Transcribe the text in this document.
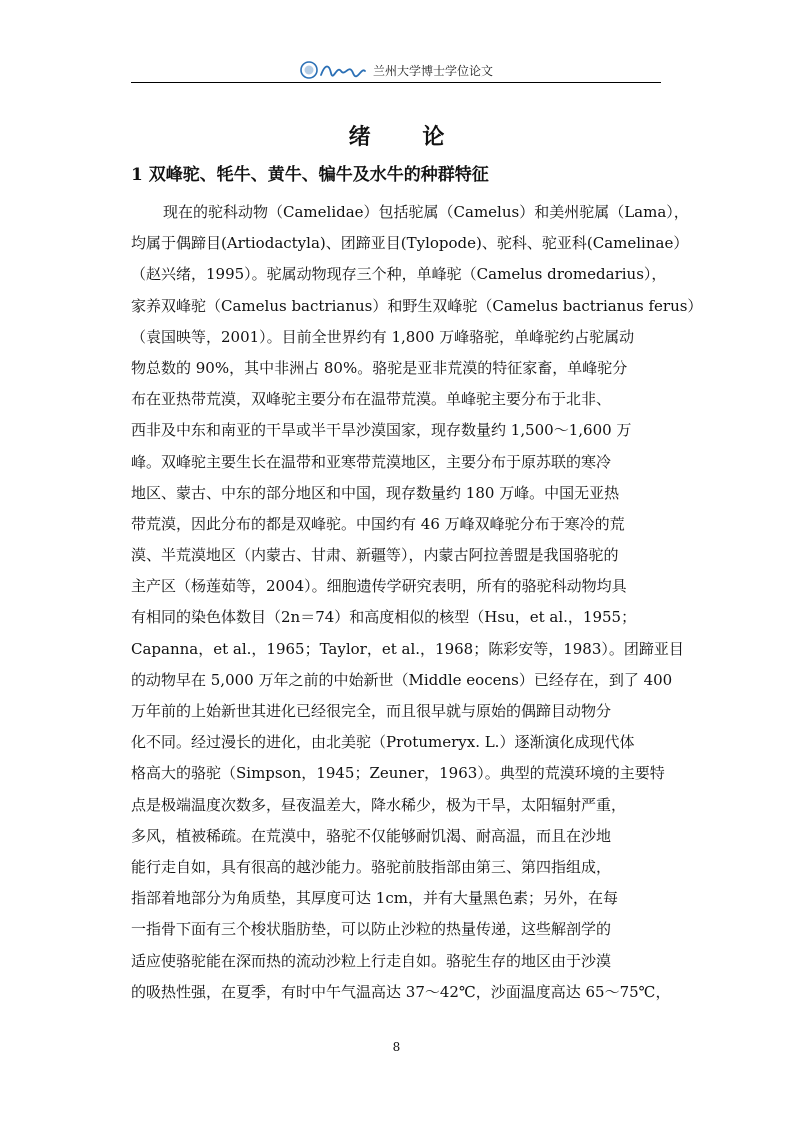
兰州大学博士学位论文
绪 论
1 双峰驼、牦牛、黄牛、犏牛及水牛的种群特征
现在的驼科动物（Camelidae）包括驼属（Camelus）和美州驼属（Lama），
均属于偶蹄目(Artiodactyla)、团蹄亚目(Tylopode)、驼科、驼亚科(Camelinae）
（赵兴绪，1995）。驼属动物现存三个种，单峰驼（Camelus dromedarius），
家养双峰驼（Camelus bactrianus）和野生双峰驼（Camelus bactrianus ferus）
（袁国映等，2001）。目前全世界约有 1,800 万峰骆驼，单峰驼约占驼属动
物总数的 90%，其中非洲占 80%。骆驼是亚非荒漠的特征家畜，单峰驼分
布在亚热带荒漠，双峰驼主要分布在温带荒漠。单峰驼主要分布于北非、
西非及中东和南亚的干旱或半干旱沙漠国家，现存数量约 1,500～1,600 万
峰。双峰驼主要生长在温带和亚寒带荒漠地区，主要分布于原苏联的寒冷
地区、蒙古、中东的部分地区和中国，现存数量约 180 万峰。中国无亚热
带荒漠，因此分布的都是双峰驼。中国约有 46 万峰双峰驼分布于寒冷的荒
漠、半荒漠地区（内蒙古、甘肃、新疆等），内蒙古阿拉善盟是我国骆驼的
主产区（杨莲茹等，2004）。细胞遗传学研究表明，所有的骆驼科动物均具
有相同的染色体数目（2n＝74）和高度相似的核型（Hsu，et al.，1955；
Capanna，et al.，1965；Taylor，et al.，1968；陈彩安等，1983）。团蹄亚目
的动物早在 5,000 万年之前的中始新世（Middle eocens）已经存在，到了 400
万年前的上始新世其进化已经很完全，而且很早就与原始的偶蹄目动物分
化不同。经过漫长的进化，由北美驼（Protumeryx. L.）逐渐演化成现代体
格高大的骆驼（Simpson，1945；Zeuner，1963）。典型的荒漠环境的主要特
点是极端温度次数多，昼夜温差大，降水稀少，极为干旱，太阳辐射严重，
多风，植被稀疏。在荒漠中，骆驼不仅能够耐饥渴、耐高温，而且在沙地
能行走自如，具有很高的越沙能力。骆驼前肢指部由第三、第四指组成，
指部着地部分为角质垫，其厚度可达 1cm，并有大量黑色素；另外，在每
一指骨下面有三个梭状脂肪垫，可以防止沙粒的热量传递，这些解剖学的
适应使骆驼能在深而热的流动沙粒上行走自如。骆驼生存的地区由于沙漠
的吸热性强，在夏季，有时中午气温高达 37～42℃，沙面温度高达 65～75℃，
8
